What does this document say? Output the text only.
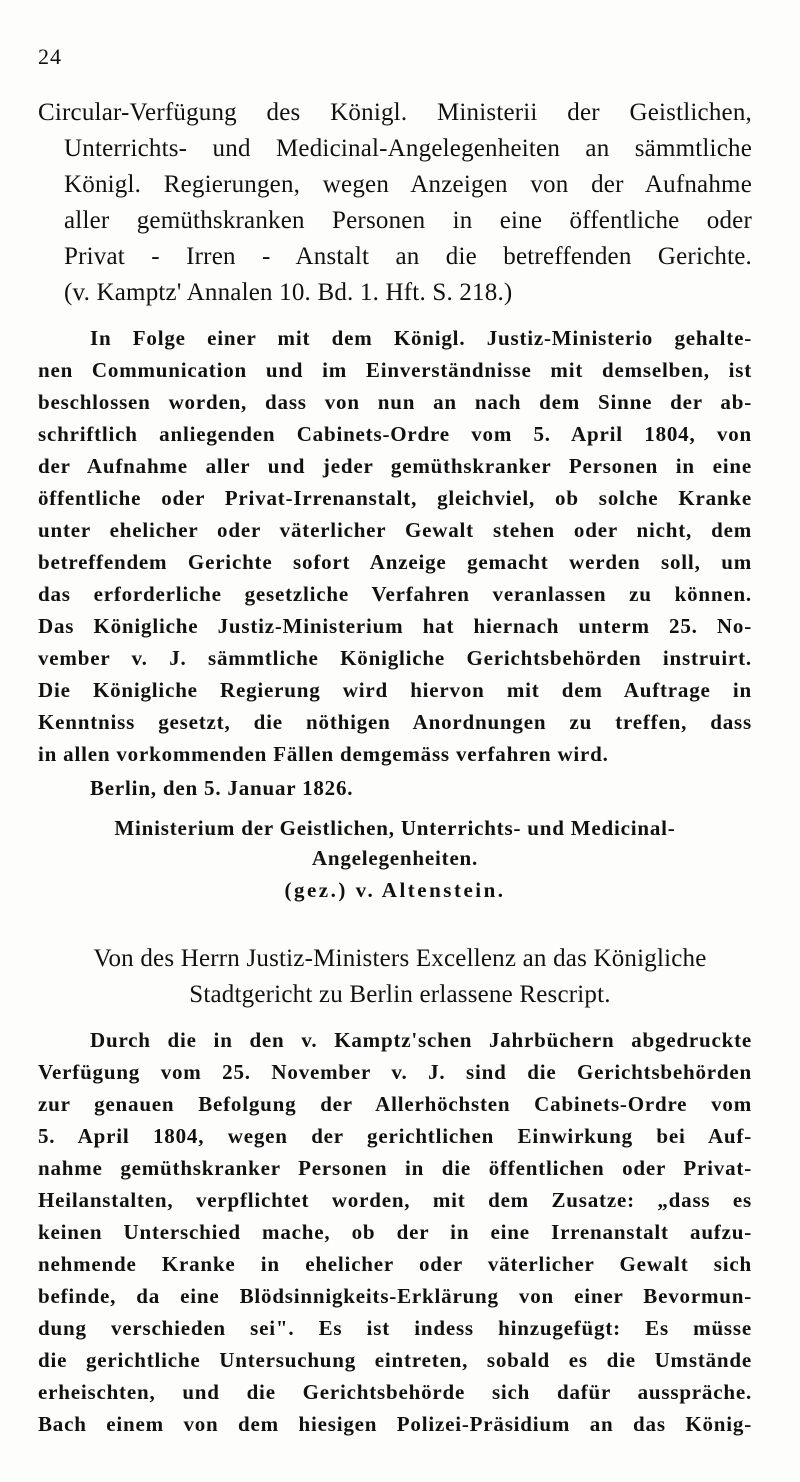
24
Circular-Verfügung des Königl. Ministerii der Geistlichen,
Unterrichts- und Medicinal-Angelegenheiten an sämmtliche
Königl. Regierungen, wegen Anzeigen von der Aufnahme
aller gemüthskranken Personen in eine öffentliche oder
Privat - Irren - Anstalt an die betreffenden Gerichte.
(v. Kamptz' Annalen 10. Bd. 1. Hft. S. 218.)
In Folge einer mit dem Königl. Justiz-Ministerio gehalte-
nen Communication und im Einverständnisse mit demselben, ist
beschlossen worden, dass von nun an nach dem Sinne der ab-
schriftlich anliegenden Cabinets-Ordre vom 5. April 1804, von
der Aufnahme aller und jeder gemüthskranker Personen in eine
öffentliche oder Privat-Irrenanstalt, gleichviel, ob solche Kranke
unter ehelicher oder väterlicher Gewalt stehen oder nicht, dem
betreffendem Gerichte sofort Anzeige gemacht werden soll, um
das erforderliche gesetzliche Verfahren veranlassen zu können.
Das Königliche Justiz-Ministerium hat hiernach unterm 25. No-
vember v. J. sämmtliche Königliche Gerichtsbehörden instruirt.
Die Königliche Regierung wird hiervon mit dem Auftrage in
Kenntniss gesetzt, die nöthigen Anordnungen zu treffen, dass
in allen vorkommenden Fällen demgemäss verfahren wird.
Berlin, den 5. Januar 1826.
Ministerium der Geistlichen, Unterrichts- und Medicinal-
Angelegenheiten.
(gez.) v. Altenstein.
Von des Herrn Justiz-Ministers Excellenz an das Königliche
Stadtgericht zu Berlin erlassene Rescript.
Durch die in den v. Kamptz'schen Jahrbüchern abgedruckte
Verfügung vom 25. November v. J. sind die Gerichtsbehörden
zur genauen Befolgung der Allerhöchsten Cabinets-Ordre vom
5. April 1804, wegen der gerichtlichen Einwirkung bei Auf-
nahme gemüthskranker Personen in die öffentlichen oder Privat-
Heilanstalten, verpflichtet worden, mit dem Zusatze: „dass es
keinen Unterschied mache, ob der in eine Irrenanstalt aufzu-
nehmende Kranke in ehelicher oder väterlicher Gewalt sich
befinde, da eine Blödsinnigkeits-Erklärung von einer Bevormun-
dung verschieden sei". Es ist indess hinzugefügt: Es müsse
die gerichtliche Untersuchung eintreten, sobald es die Umstände
erheischten, und die Gerichtsbehörde sich dafür ausspräche.
Bach einem von dem hiesigen Polizei-Präsidium an das König-
